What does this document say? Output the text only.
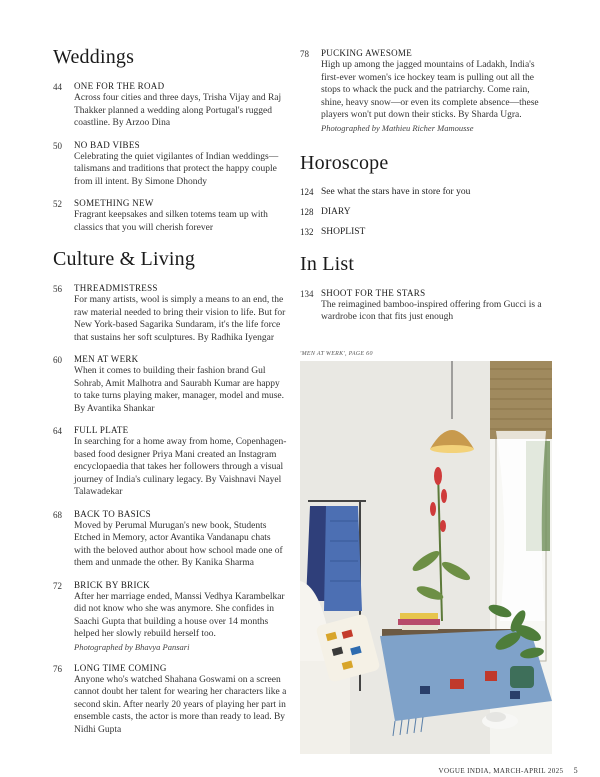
Weddings
44	ONE FOR THE ROAD
Across four cities and three days, Trisha Vijay and Raj Thakker planned a wedding along Portugal's rugged coastline. By Arzoo Dina
50	NO BAD VIBES
Celebrating the quiet vigilantes of Indian weddings—talismans and traditions that protect the happy couple from ill intent. By Simone Dhondy
52	SOMETHING NEW
Fragrant keepsakes and silken totems team up with classics that you will cherish forever
Culture & Living
56	THREADMISTRESS
For many artists, wool is simply a means to an end, the raw material needed to bring their vision to life. But for New York-based Sagarika Sundaram, it's the life force that sustains her soft sculptures. By Radhika Iyengar
60	MEN AT WERK
When it comes to building their fashion brand Gul Sohrab, Amit Malhotra and Saurabh Kumar are happy to take turns playing maker, manager, model and muse. By Avantika Shankar
64	FULL PLATE
In searching for a home away from home, Copenhagen-based food designer Priya Mani created an Instagram encyclopaedia that takes her followers through a visual journey of India's culinary legacy. By Vaishnavi Nayel Talawadekar
68	BACK TO BASICS
Moved by Perumal Murugan's new book, Students Etched in Memory, actor Avantika Vandanapu chats with the beloved author about how school made one of them and unmade the other. By Kanika Sharma
72	BRICK BY BRICK
After her marriage ended, Manssi Vedhya Karambelkar did not know who she was anymore. She confides in Saachi Gupta that building a house over 14 months helped her slowly rebuild herself too.
Photographed by Bhavya Pansari
76	LONG TIME COMING
Anyone who's watched Shahana Goswami on a screen cannot doubt her talent for wearing her characters like a second skin. After nearly 20 years of playing her part in ensemble casts, the actor is more than ready to lead. By Nidhi Gupta
78	PUCKING AWESOME
High up among the jagged mountains of Ladakh, India's first-ever women's ice hockey team is pulling out all the stops to whack the puck and the patriarchy. Come rain, shine, heavy snow—or even its complete absence—these players won't put down their sticks. By Sharda Ugra.
Photographed by Mathieu Richer Mamousse
Horoscope
124 See what the stars have in store for you
128 DIARY
132 SHOPLIST
In List
134 SHOOT FOR THE STARS
The reimagined bamboo-inspired offering from Gucci is a wardrobe icon that fits just enough
'MEN AT WERK', PAGE 60
VOGUE INDIA, MARCH-APRIL 2025 5
